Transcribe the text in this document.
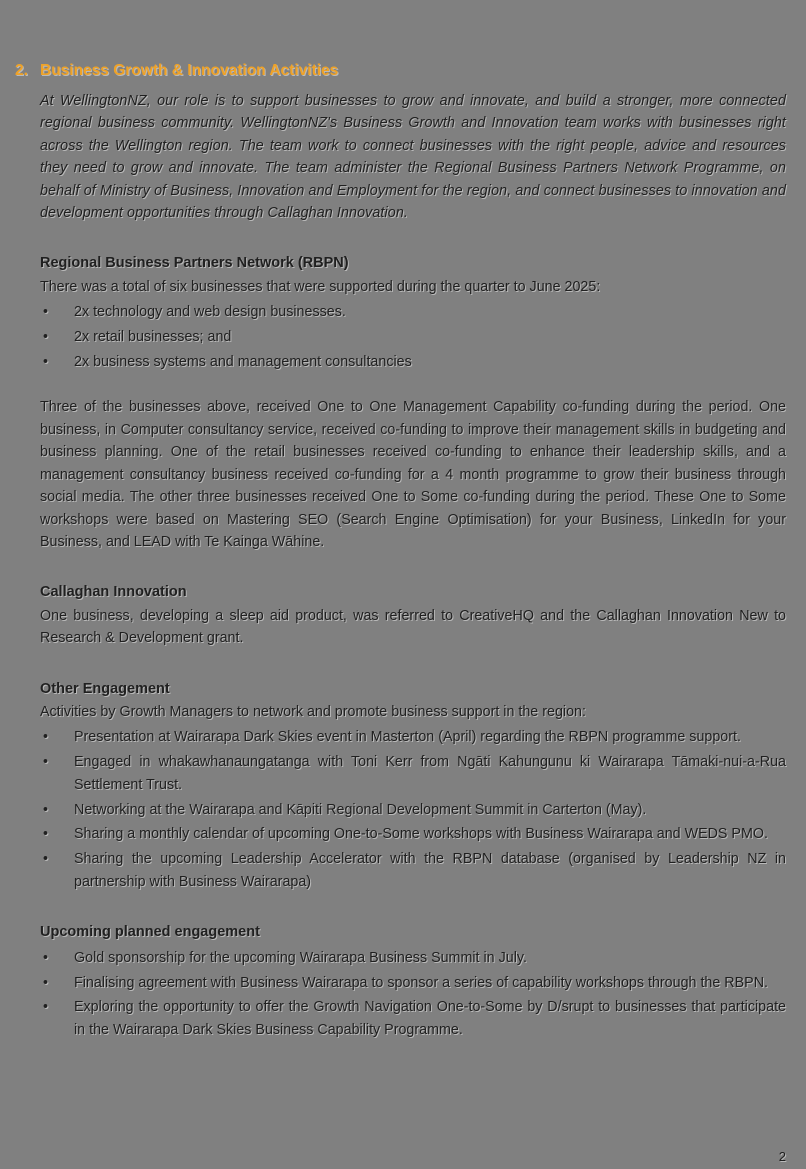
2. Business Growth & Innovation Activities

At WellingtonNZ, our role is to support businesses to grow and innovate, and build a stronger, more connected regional business community. WellingtonNZ's Business Growth and Innovation team works with businesses right across the Wellington region. The team work to connect businesses with the right people, advice and resources they need to grow and innovate. The team administer the Regional Business Partners Network Programme, on behalf of Ministry of Business, Innovation and Employment for the region, and connect businesses to innovation and development opportunities through Callaghan Innovation.

Regional Business Partners Network (RBPN)
There was a total of six businesses that were supported during the quarter to June 2025:
• 2x technology and web design businesses.
• 2x retail businesses; and
• 2x business systems and management consultancies

Three of the businesses above, received One to One Management Capability co-funding during the period. One business, in Computer consultancy service, received co-funding to improve their management skills in budgeting and business planning. One of the retail businesses received co-funding to enhance their leadership skills, and a management consultancy business received co-funding for a 4 month programme to grow their business through social media. The other three businesses received One to Some co-funding during the period. These One to Some workshops were based on Mastering SEO (Search Engine Optimisation) for your Business, LinkedIn for your Business, and LEAD with Te Kainga Wāhine.

Callaghan Innovation

One business, developing a sleep aid product, was referred to CreativeHQ and the Callaghan Innovation New to Research & Development grant.

Other Engagement
Activities by Growth Managers to network and promote business support in the region:
• Presentation at Wairarapa Dark Skies event in Masterton (April) regarding the RBPN programme support.
• Engaged in whakawhanaungatanga with Toni Kerr from Ngāti Kahungunu ki Wairarapa Tāmaki-nui-a-Rua Settlement Trust.
• Networking at the Wairarapa and Kāpiti Regional Development Summit in Carterton (May).
• Sharing a monthly calendar of upcoming One-to-Some workshops with Business Wairarapa and WEDS PMO.
• Sharing the upcoming Leadership Accelerator with the RBPN database (organised by Leadership NZ in partnership with Business Wairarapa)
Upcoming planned engagement
• Gold sponsorship for the upcoming Wairarapa Business Summit in July.
• Finalising agreement with Business Wairarapa to sponsor a series of capability workshops through the RBPN.
• Exploring the opportunity to offer the Growth Navigation One-to-Some by D/srupt to businesses that participate in the Wairarapa Dark Skies Business Capability Programme.
2
